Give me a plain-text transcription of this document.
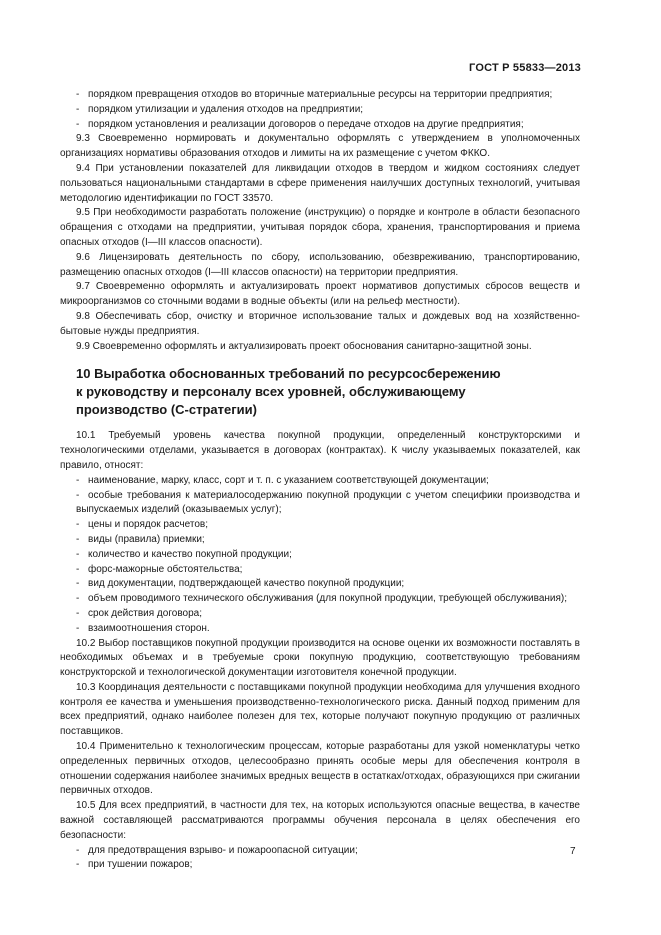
ГОСТ Р 55833—2013
- порядком превращения отходов во вторичные материальные ресурсы на территории предприятия;
- порядком утилизации и удаления отходов на предприятии;
- порядком установления и реализации договоров о передаче отходов на другие предприятия;
9.3 Своевременно нормировать и документально оформлять с утверждением в уполномоченных организациях нормативы образования отходов и лимиты на их размещение с учетом ФККО.
9.4 При установлении показателей для ликвидации отходов в твердом и жидком состояниях следует пользоваться национальными стандартами в сфере применения наилучших доступных технологий, учитывая методологию идентификации по ГОСТ 33570.
9.5 При необходимости разработать положение (инструкцию) о порядке и контроле в области безопасного обращения с отходами на предприятии, учитывая порядок сбора, хранения, транспортирования и приема опасных отходов (I—III классов опасности).
9.6 Лицензировать деятельность по сбору, использованию, обезвреживанию, транспортированию, размещению опасных отходов (I—III классов опасности) на территории предприятия.
9.7 Своевременно оформлять и актуализировать проект нормативов допустимых сбросов веществ и микроорганизмов со сточными водами в водные объекты (или на рельеф местности).
9.8 Обеспечивать сбор, очистку и вторичное использование талых и дождевых вод на хозяйственно-бытовые нужды предприятия.
9.9 Своевременно оформлять и актуализировать проект обоснования санитарно-защитной зоны.
10 Выработка обоснованных требований по ресурсосбережению
к руководству и персоналу всех уровней, обслуживающему
производство (С-стратегии)
10.1 Требуемый уровень качества покупной продукции, определенный конструкторскими и технологическими отделами, указывается в договорах (контрактах). К числу указываемых показателей, как правило, относят:
- наименование, марку, класс, сорт и т. п. с указанием соответствующей документации;
- особые требования к материалосодержанию покупной продукции с учетом специфики производства и выпускаемых изделий (оказываемых услуг);
- цены и порядок расчетов;
- виды (правила) приемки;
- количество и качество покупной продукции;
- форс-мажорные обстоятельства;
- вид документации, подтверждающей качество покупной продукции;
- объем проводимого технического обслуживания (для покупной продукции, требующей обслуживания);
- срок действия договора;
- взаимоотношения сторон.
10.2 Выбор поставщиков покупной продукции производится на основе оценки их возможности поставлять в необходимых объемах и в требуемые сроки покупную продукцию, соответствующую требованиям конструкторской и технологической документации изготовителя конечной продукции.
10.3 Координация деятельности с поставщиками покупной продукции необходима для улучшения входного контроля ее качества и уменьшения производственно-технологического риска. Данный подход применим для всех предприятий, однако наиболее полезен для тех, которые получают покупную продукцию от различных поставщиков.
10.4 Применительно к технологическим процессам, которые разработаны для узкой номенклатуры четко определенных первичных отходов, целесообразно принять особые меры для обеспечения контроля в отношении содержания наиболее значимых вредных веществ в остатках/отходах, образующихся при сжигании первичных отходов.
10.5 Для всех предприятий, в частности для тех, на которых используются опасные вещества, в качестве важной составляющей рассматриваются программы обучения персонала в целях обеспечения его безопасности:
- для предотвращения взрыво- и пожароопасной ситуации;
- при тушении пожаров;
7
